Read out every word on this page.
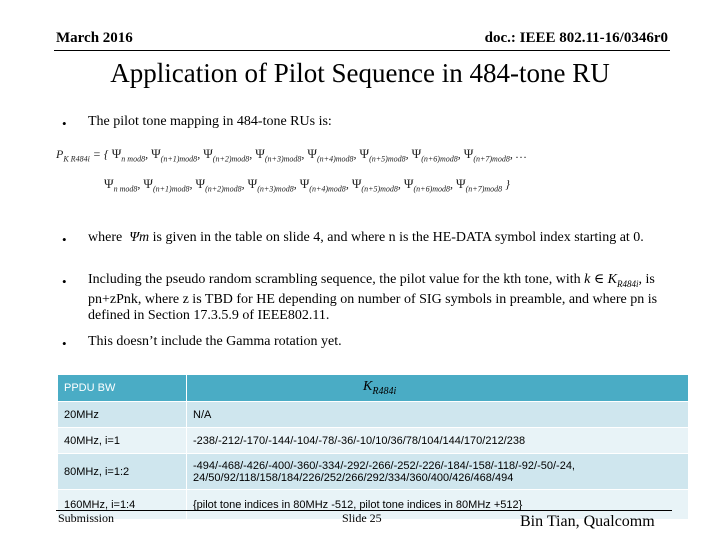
March 2016	doc.: IEEE 802.11-16/0346r0
Application of Pilot Sequence in 484-tone RU
• The pilot tone mapping in 484-tone RUs is:
$P_{K R484i}$ = { $\Psi_{n mod8}$, $\Psi_{(n+1)mod8}$, $\Psi_{(n+2)mod8}$, $\Psi_{(n+3)mod8}$, $\Psi_{(n+4)mod8}$, $\Psi_{(n+5)mod8}$, $\Psi_{(n+6)mod8}$, $\Psi_{(n+7)mod8}$, …
$\Psi_{n mod8}$, $\Psi_{(n+1)mod8}$, $\Psi_{(n+2)mod8}$, $\Psi_{(n+3)mod8}$, $\Psi_{(n+4)mod8}$, $\Psi_{(n+5)mod8}$, $\Psi_{(n+6)mod8}$, $\Psi_{(n+7)mod8}$ }
• where Ψm is given in the table on slide 4, and where n is the HE-DATA symbol index starting at 0.
• Including the pseudo random scrambling sequence, the pilot value for the kth tone, with k ∈ $K_{R484i}$, is pn+zPnk, where z is TBD for HE depending on number of SIG symbols in preamble, and where pn is defined in Section 17.3.5.9 of IEEE802.11.
• This doesn’t include the Gamma rotation yet.
PPDU BW	$K_{R484i}$
20MHz	N/A
40MHz, i=1	-238/-212/-170/-144/-104/-78/-36/-10/10/36/78/104/144/170/212/238
80MHz, i=1:2	-494/-468/-426/-400/-360/-334/-292/-266/-252/-226/-184/-158/-118/-92/-50/-24, 24/50/92/118/158/184/226/252/266/292/334/360/400/426/468/494
160MHz, i=1:4	{pilot tone indices in 80MHz -512, pilot tone indices in 80MHz +512}
Submission	Slide 25	Bin Tian, Qualcomm
